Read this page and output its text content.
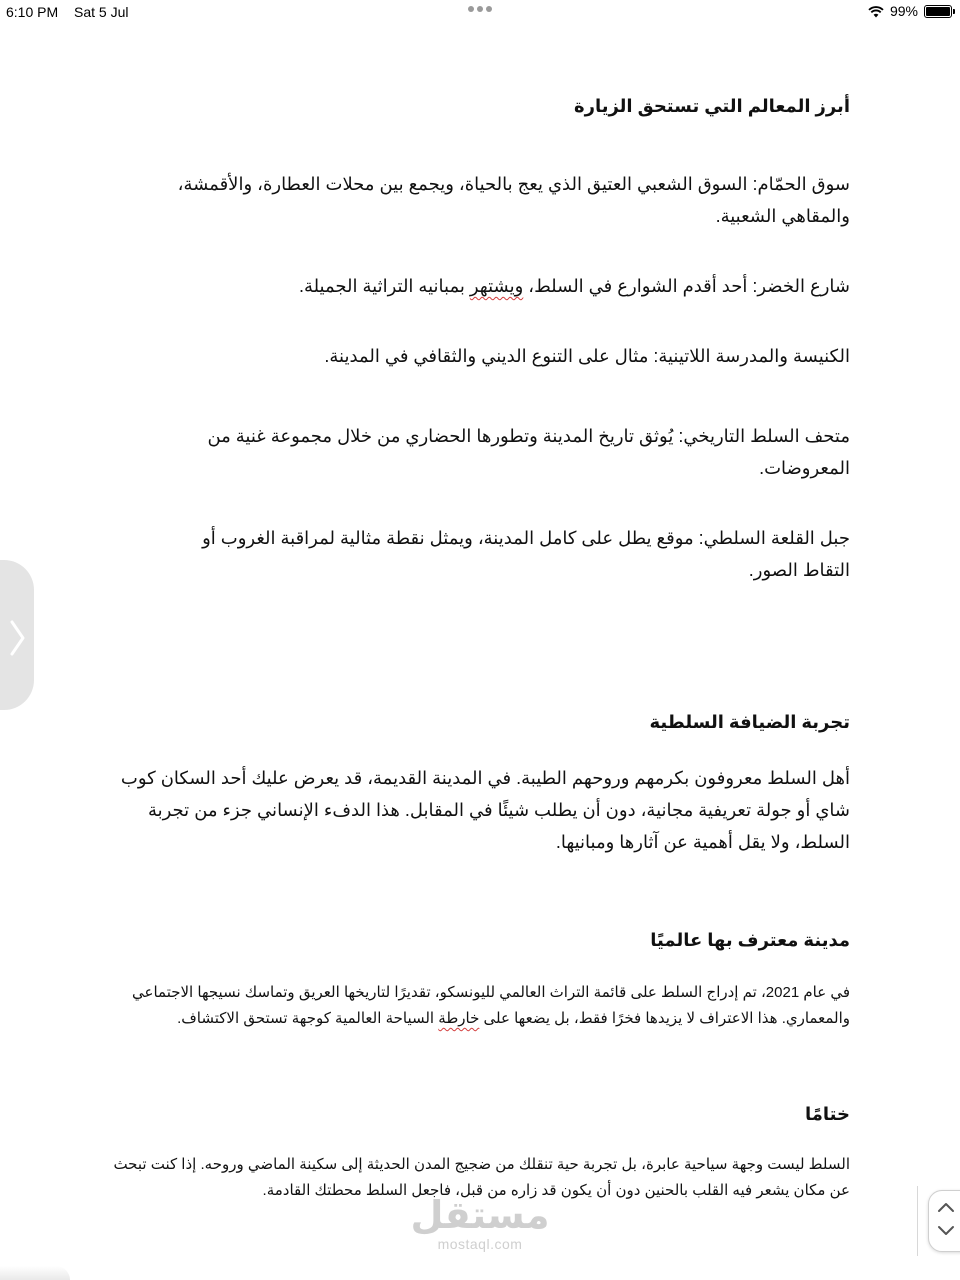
6:10 PM Sat 5 Jul	99%
أبرز المعالم التي تستحق الزيارة
سوق الحمّام: السوق الشعبي العتيق الذي يعج بالحياة، ويجمع بين محلات العطارة، والأقمشة، والمقاهي الشعبية.
شارع الخضر: أحد أقدم الشوارع في السلط، ويشتهر بمبانيه التراثية الجميلة.
الكنيسة والمدرسة اللاتينية: مثال على التنوع الديني والثقافي في المدينة.
متحف السلط التاريخي: يُوثق تاريخ المدينة وتطورها الحضاري من خلال مجموعة غنية من المعروضات.
جبل القلعة السلطي: موقع يطل على كامل المدينة، ويمثل نقطة مثالية لمراقبة الغروب أو التقاط الصور.
تجربة الضيافة السلطية
أهل السلط معروفون بكرمهم وروحهم الطيبة. في المدينة القديمة، قد يعرض عليك أحد السكان كوب شاي أو جولة تعريفية مجانية، دون أن يطلب شيئًا في المقابل. هذا الدفء الإنساني جزء من تجربة السلط، ولا يقل أهمية عن آثارها ومبانيها.
مدينة معترف بها عالميًا
في عام 2021، تم إدراج السلط على قائمة التراث العالمي لليونسكو، تقديرًا لتاريخها العريق وتماسك نسيجها الاجتماعي والمعماري. هذا الاعتراف لا يزيدها فخرًا فقط، بل يضعها على خارطة السياحة العالمية كوجهة تستحق الاكتشاف.
ختامًا
السلط ليست وجهة سياحية عابرة، بل تجربة حية تنقلك من ضجيج المدن الحديثة إلى سكينة الماضي وروحه. إذا كنت تبحث عن مكان يشعر فيه القلب بالحنين دون أن يكون قد زاره من قبل، فاجعل السلط محطتك القادمة.
مستقل
mostaql.com
